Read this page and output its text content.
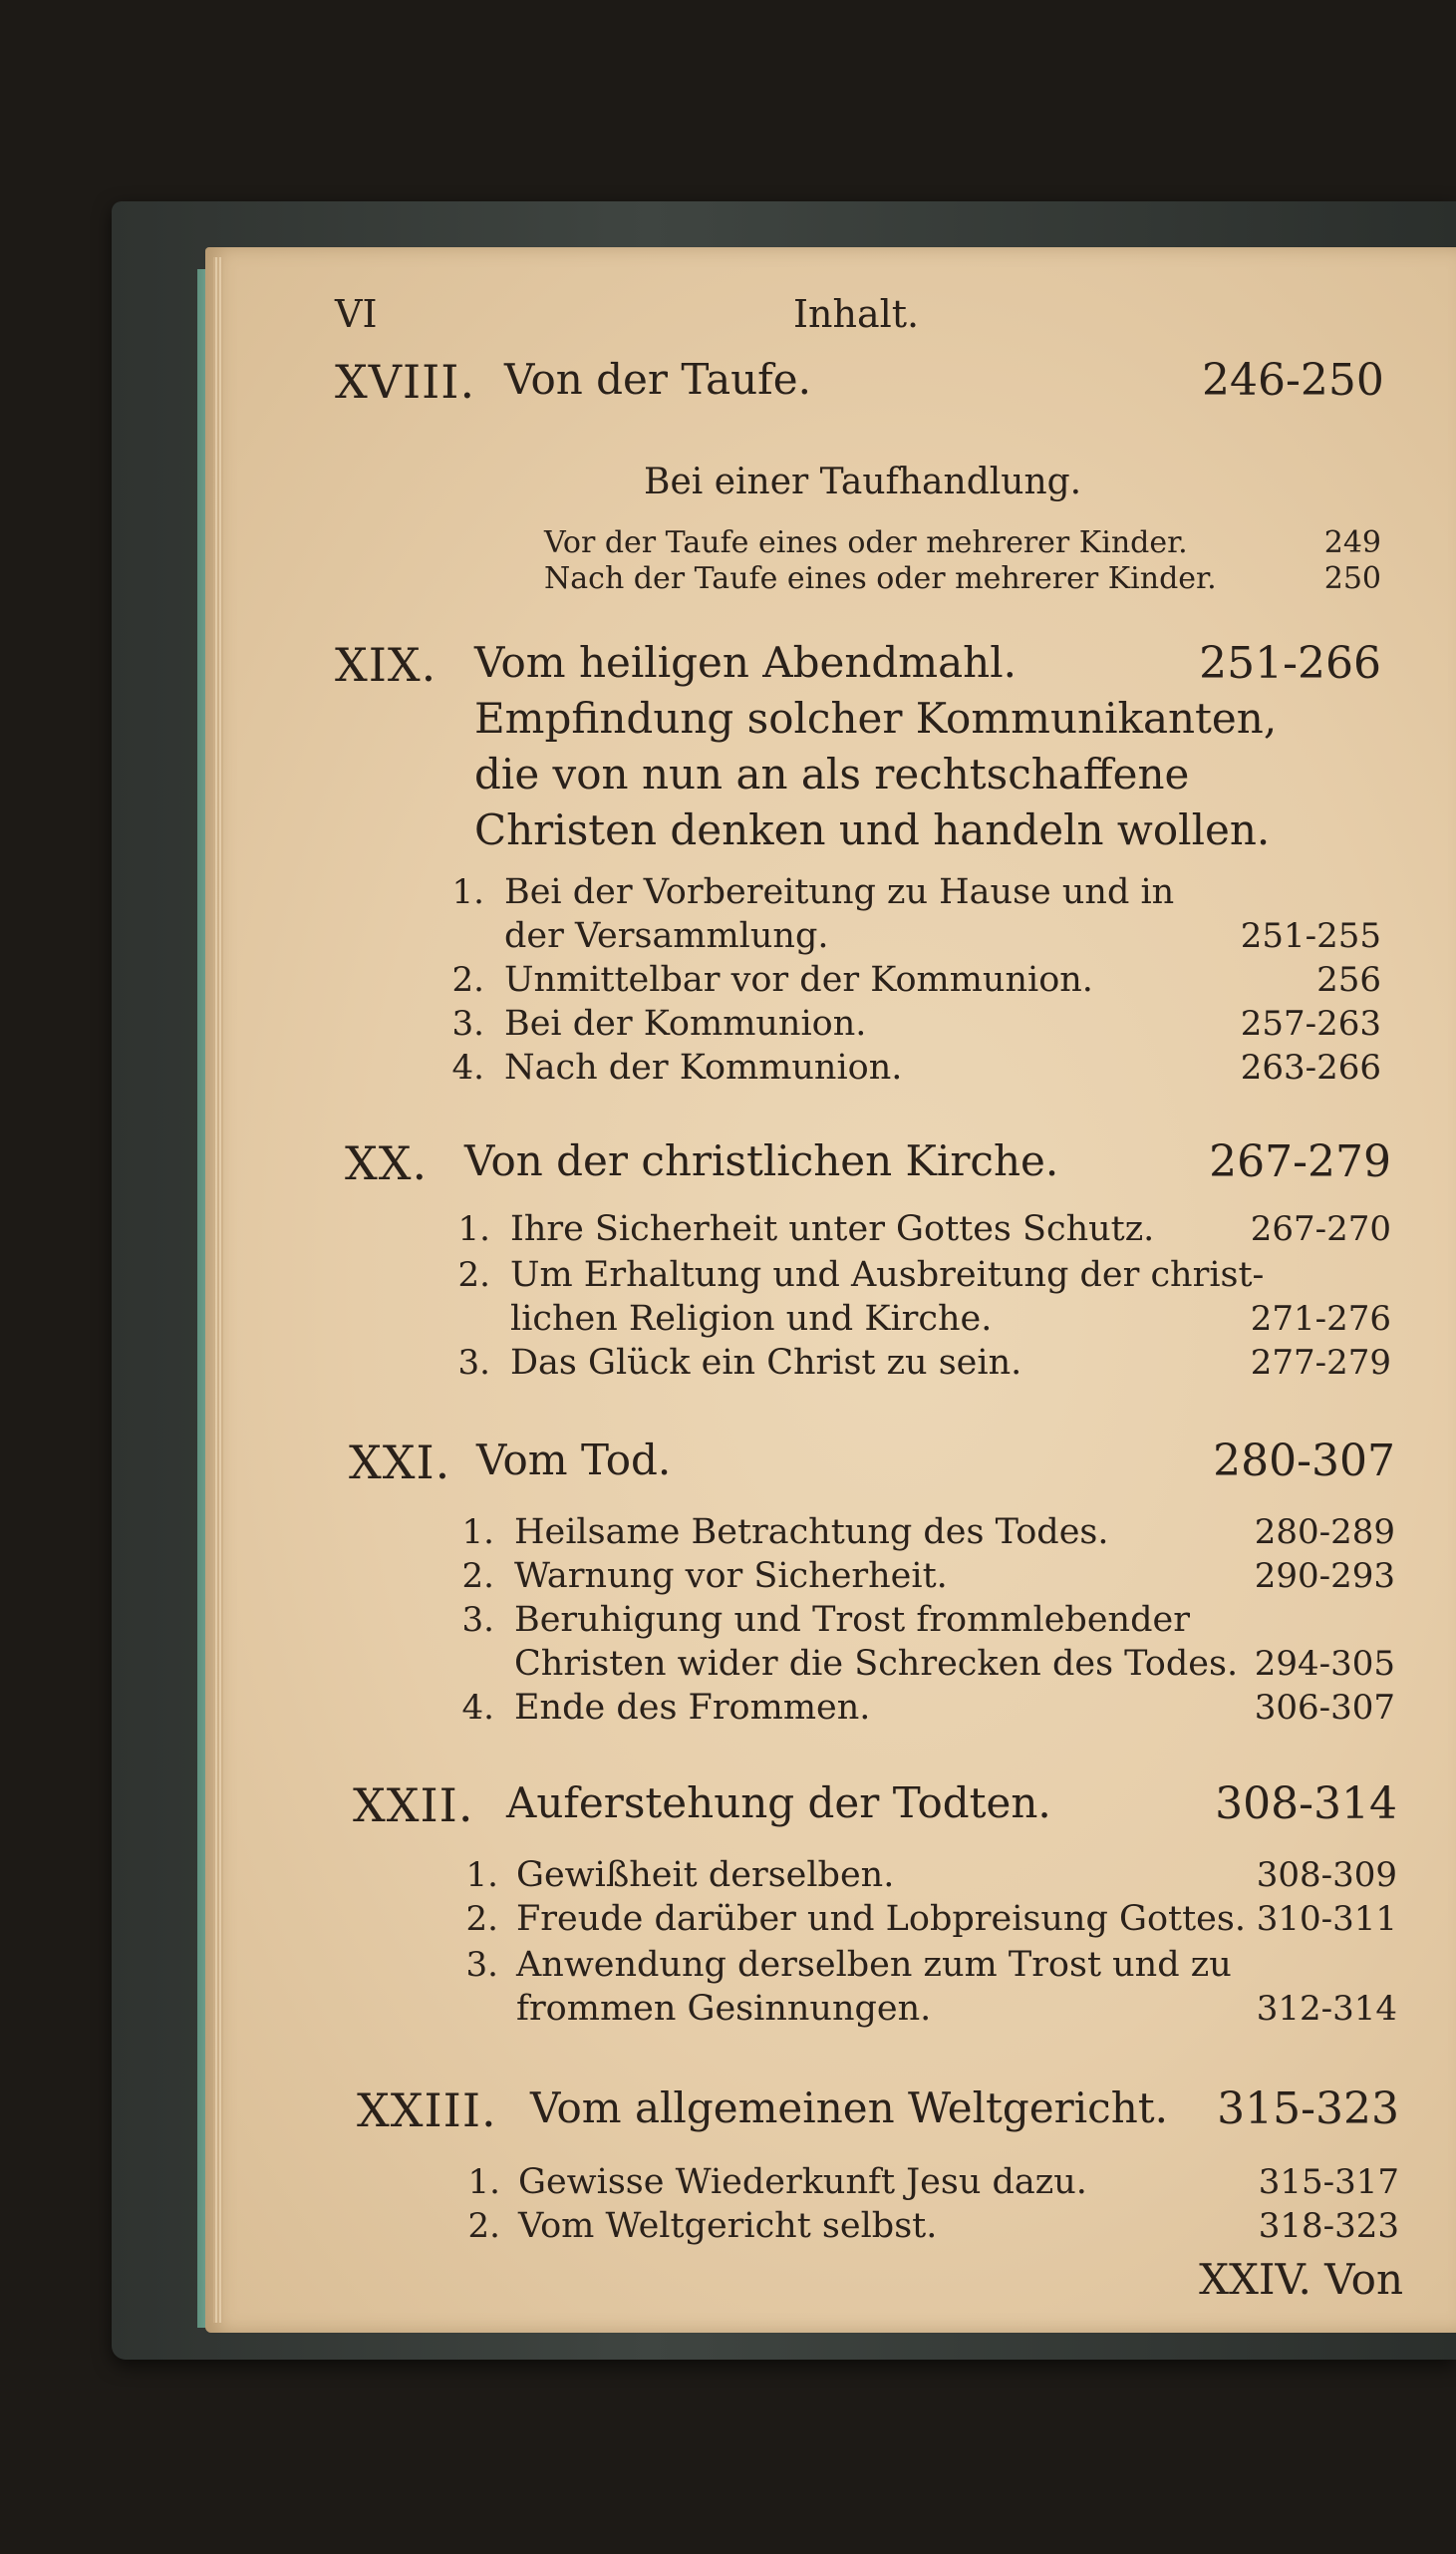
VI	Inhalt.
XVIII. Von der Taufe.	246-250
Bei einer Taufhandlung.
Vor der Taufe eines oder mehrerer Kinder.	249
Nach der Taufe eines oder mehrerer Kinder.	250
XIX. Vom heiligen Abendmahl.	251-266
Empfindung solcher Kommunikanten,
die von nun an als rechtschaffene
Christen denken und handeln wollen.
1. Bei der Vorbereitung zu Hause und in
der Versammlung.	251-255
2. Unmittelbar vor der Kommunion.	256
3. Bei der Kommunion.	257-263
4. Nach der Kommunion.	263-266
XX. Von der christlichen Kirche.	267-279
1. Ihre Sicherheit unter Gottes Schutz.	267-270
2. Um Erhaltung und Ausbreitung der christ-
lichen Religion und Kirche.	271-276
3. Das Glück ein Christ zu sein.	277-279
XXI. Vom Tod.	280-307
1. Heilsame Betrachtung des Todes.	280-289
2. Warnung vor Sicherheit.	290-293
3. Beruhigung und Trost frommlebender
Christen wider die Schrecken des Todes. 294-305
4. Ende des Frommen.	306-307
XXII. Auferstehung der Todten.	308-314
1. Gewißheit derselben.	308-309
2. Freude darüber und Lobpreisung Gottes. 310-311
3. Anwendung derselben zum Trost und zu
frommen Gesinnungen.	312-314
XXIII. Vom allgemeinen Weltgericht.	315-323
1. Gewisse Wiederkunft Jesu dazu.	315-317
2. Vom Weltgericht selbst.	318-323
XXIV. Von
